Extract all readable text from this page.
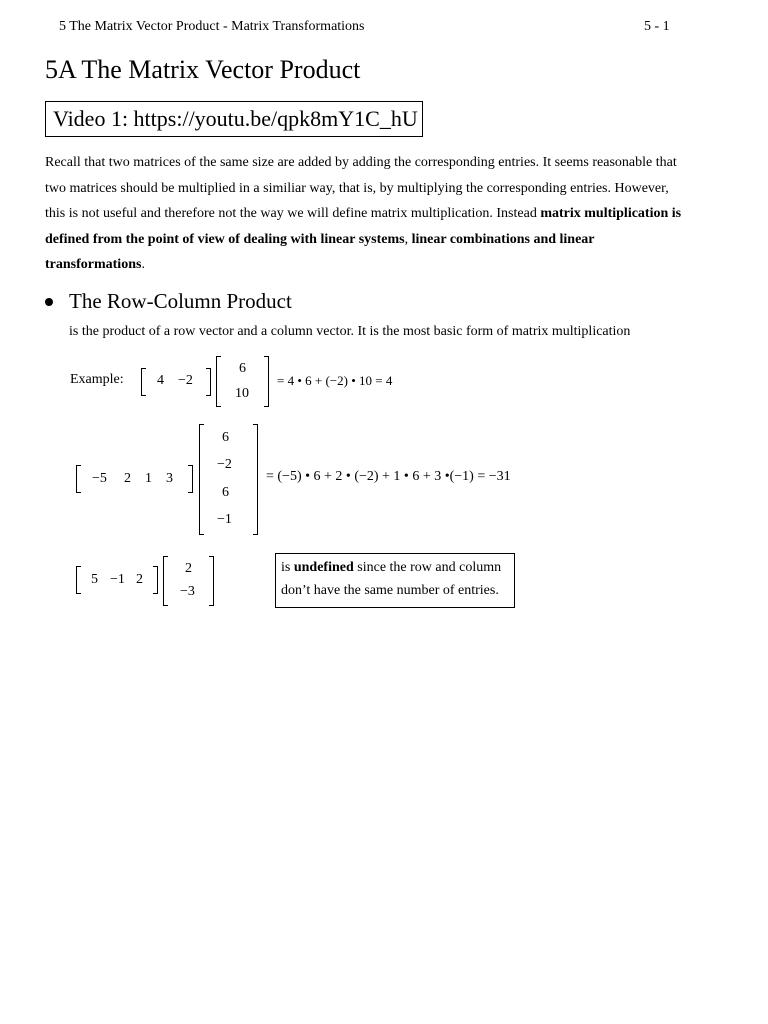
5 The Matrix Vector Product - Matrix Transformations	5 - 1
5A The Matrix Vector Product
Video 1: https://youtu.be/qpk8mY1C_hU
Recall that two matrices of the same size are added by adding the corresponding entries. It seems reasonable that two matrices should be multiplied in a similiar way, that is, by multiplying the corresponding entries. However, this is not useful and therefore not the way we will define matrix multiplication. Instead matrix multiplication is defined from the point of view of dealing with linear systems, linear combinations and linear transformations.
The Row-Column Product
is the product of a row vector and a column vector. It is the most basic form of matrix multiplication
Example: 4 −2
6
10
= 4 • 6 + (−2) • 10 = 4
−5 2 1 3
6
−2
6
−1
= (−5) • 6 + 2 • (−2) + 1 • 6 + 3 •(−1) = −31
5 −1 2
2
−3
is undefined since the row and column don’t have the same number of entries.
